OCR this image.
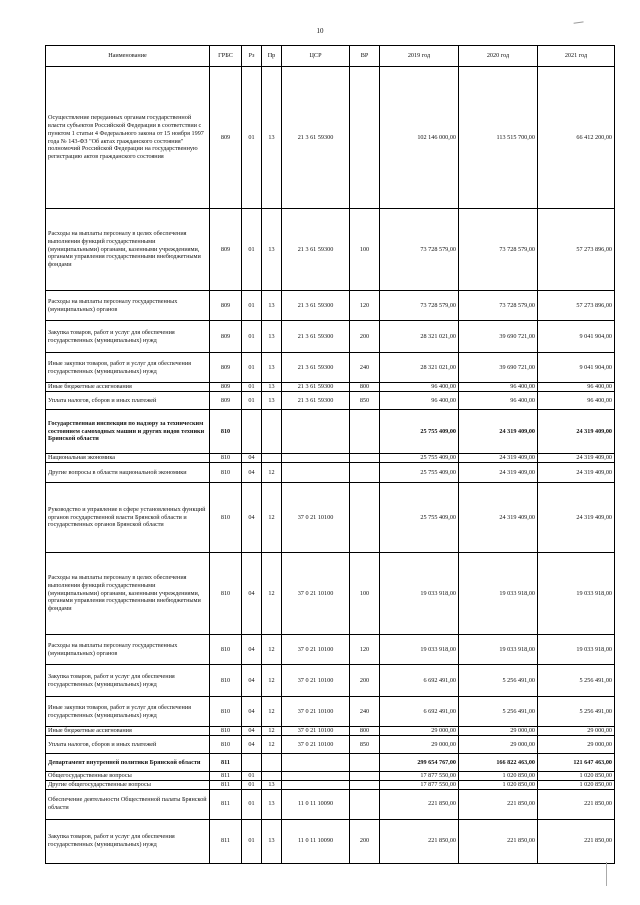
10
Наименование	ГРБС	Рз	Пр	ЦСР	ВР	2019 год	2020 год	2021 год
Осуществление переданных органам государственной власти субъектов Российской Федерации в соответствии с пунктом 1 статьи 4 Федерального закона от 15 ноября 1997 года № 143-ФЗ "Об актах гражданского состояния" полномочий Российской Федерации на государственную регистрацию актов гражданского состояния	809	01	13	21 3 61 59300		102 146 000,00	113 515 700,00	66 412 200,00
Расходы на выплаты персоналу в целях обеспечения выполнения функций государственными (муниципальными) органами, казенными учреждениями, органами управления государственными внебюджетными фондами	809	01	13	21 3 61 59300	100	73 728 579,00	73 728 579,00	57 273 896,00
Расходы на выплаты персоналу государственных (муниципальных) органов	809	01	13	21 3 61 59300	120	73 728 579,00	73 728 579,00	57 273 896,00
Закупка товаров, работ и услуг для обеспечения государственных (муниципальных) нужд	809	01	13	21 3 61 59300	200	28 321 021,00	39 690 721,00	9 041 904,00
Иные закупки товаров, работ и услуг для обеспечения государственных (муниципальных) нужд	809	01	13	21 3 61 59300	240	28 321 021,00	39 690 721,00	9 041 904,00
Иные бюджетные ассигнования	809	01	13	21 3 61 59300	800	96 400,00	96 400,00	96 400,00
Уплата налогов, сборов и иных платежей	809	01	13	21 3 61 59300	850	96 400,00	96 400,00	96 400,00
Государственная инспекция по надзору за техническим состоянием самоходных машин и других видов техники Брянской области	810					25 755 409,00	24 319 409,00	24 319 409,00
Национальная экономика	810	04				25 755 409,00	24 319 409,00	24 319 409,00
Другие вопросы в области национальной экономики	810	04	12			25 755 409,00	24 319 409,00	24 319 409,00
Руководство и управление в сфере установленных функций органов государственной власти Брянской области и государственных органов Брянской области	810	04	12	37 0 21 10100		25 755 409,00	24 319 409,00	24 319 409,00
Расходы на выплаты персоналу в целях обеспечения выполнения функций государственными (муниципальными) органами, казенными учреждениями, органами управления государственными внебюджетными фондами	810	04	12	37 0 21 10100	100	19 033 918,00	19 033 918,00	19 033 918,00
Расходы на выплаты персоналу государственных (муниципальных) органов	810	04	12	37 0 21 10100	120	19 033 918,00	19 033 918,00	19 033 918,00
Закупка товаров, работ и услуг для обеспечения государственных (муниципальных) нужд	810	04	12	37 0 21 10100	200	6 692 491,00	5 256 491,00	5 256 491,00
Иные закупки товаров, работ и услуг для обеспечения государственных (муниципальных) нужд	810	04	12	37 0 21 10100	240	6 692 491,00	5 256 491,00	5 256 491,00
Иные бюджетные ассигнования	810	04	12	37 0 21 10100	800	29 000,00	29 000,00	29 000,00
Уплата налогов, сборов и иных платежей	810	04	12	37 0 21 10100	850	29 000,00	29 000,00	29 000,00
Департамент внутренней политики Брянской области	811					299 654 767,00	166 822 463,00	121 647 463,00
Общегосударственные вопросы	811	01				17 877 550,00	1 020 850,00	1 020 850,00
Другие общегосударственные вопросы	811	01	13			17 877 550,00	1 020 850,00	1 020 850,00
Обеспечение деятельности Общественной палаты Брянской области	811	01	13	11 0 11 10090		221 850,00	221 850,00	221 850,00
Закупка товаров, работ и услуг для обеспечения государственных (муниципальных) нужд	811	01	13	11 0 11 10090	200	221 850,00	221 850,00	221 850,00
